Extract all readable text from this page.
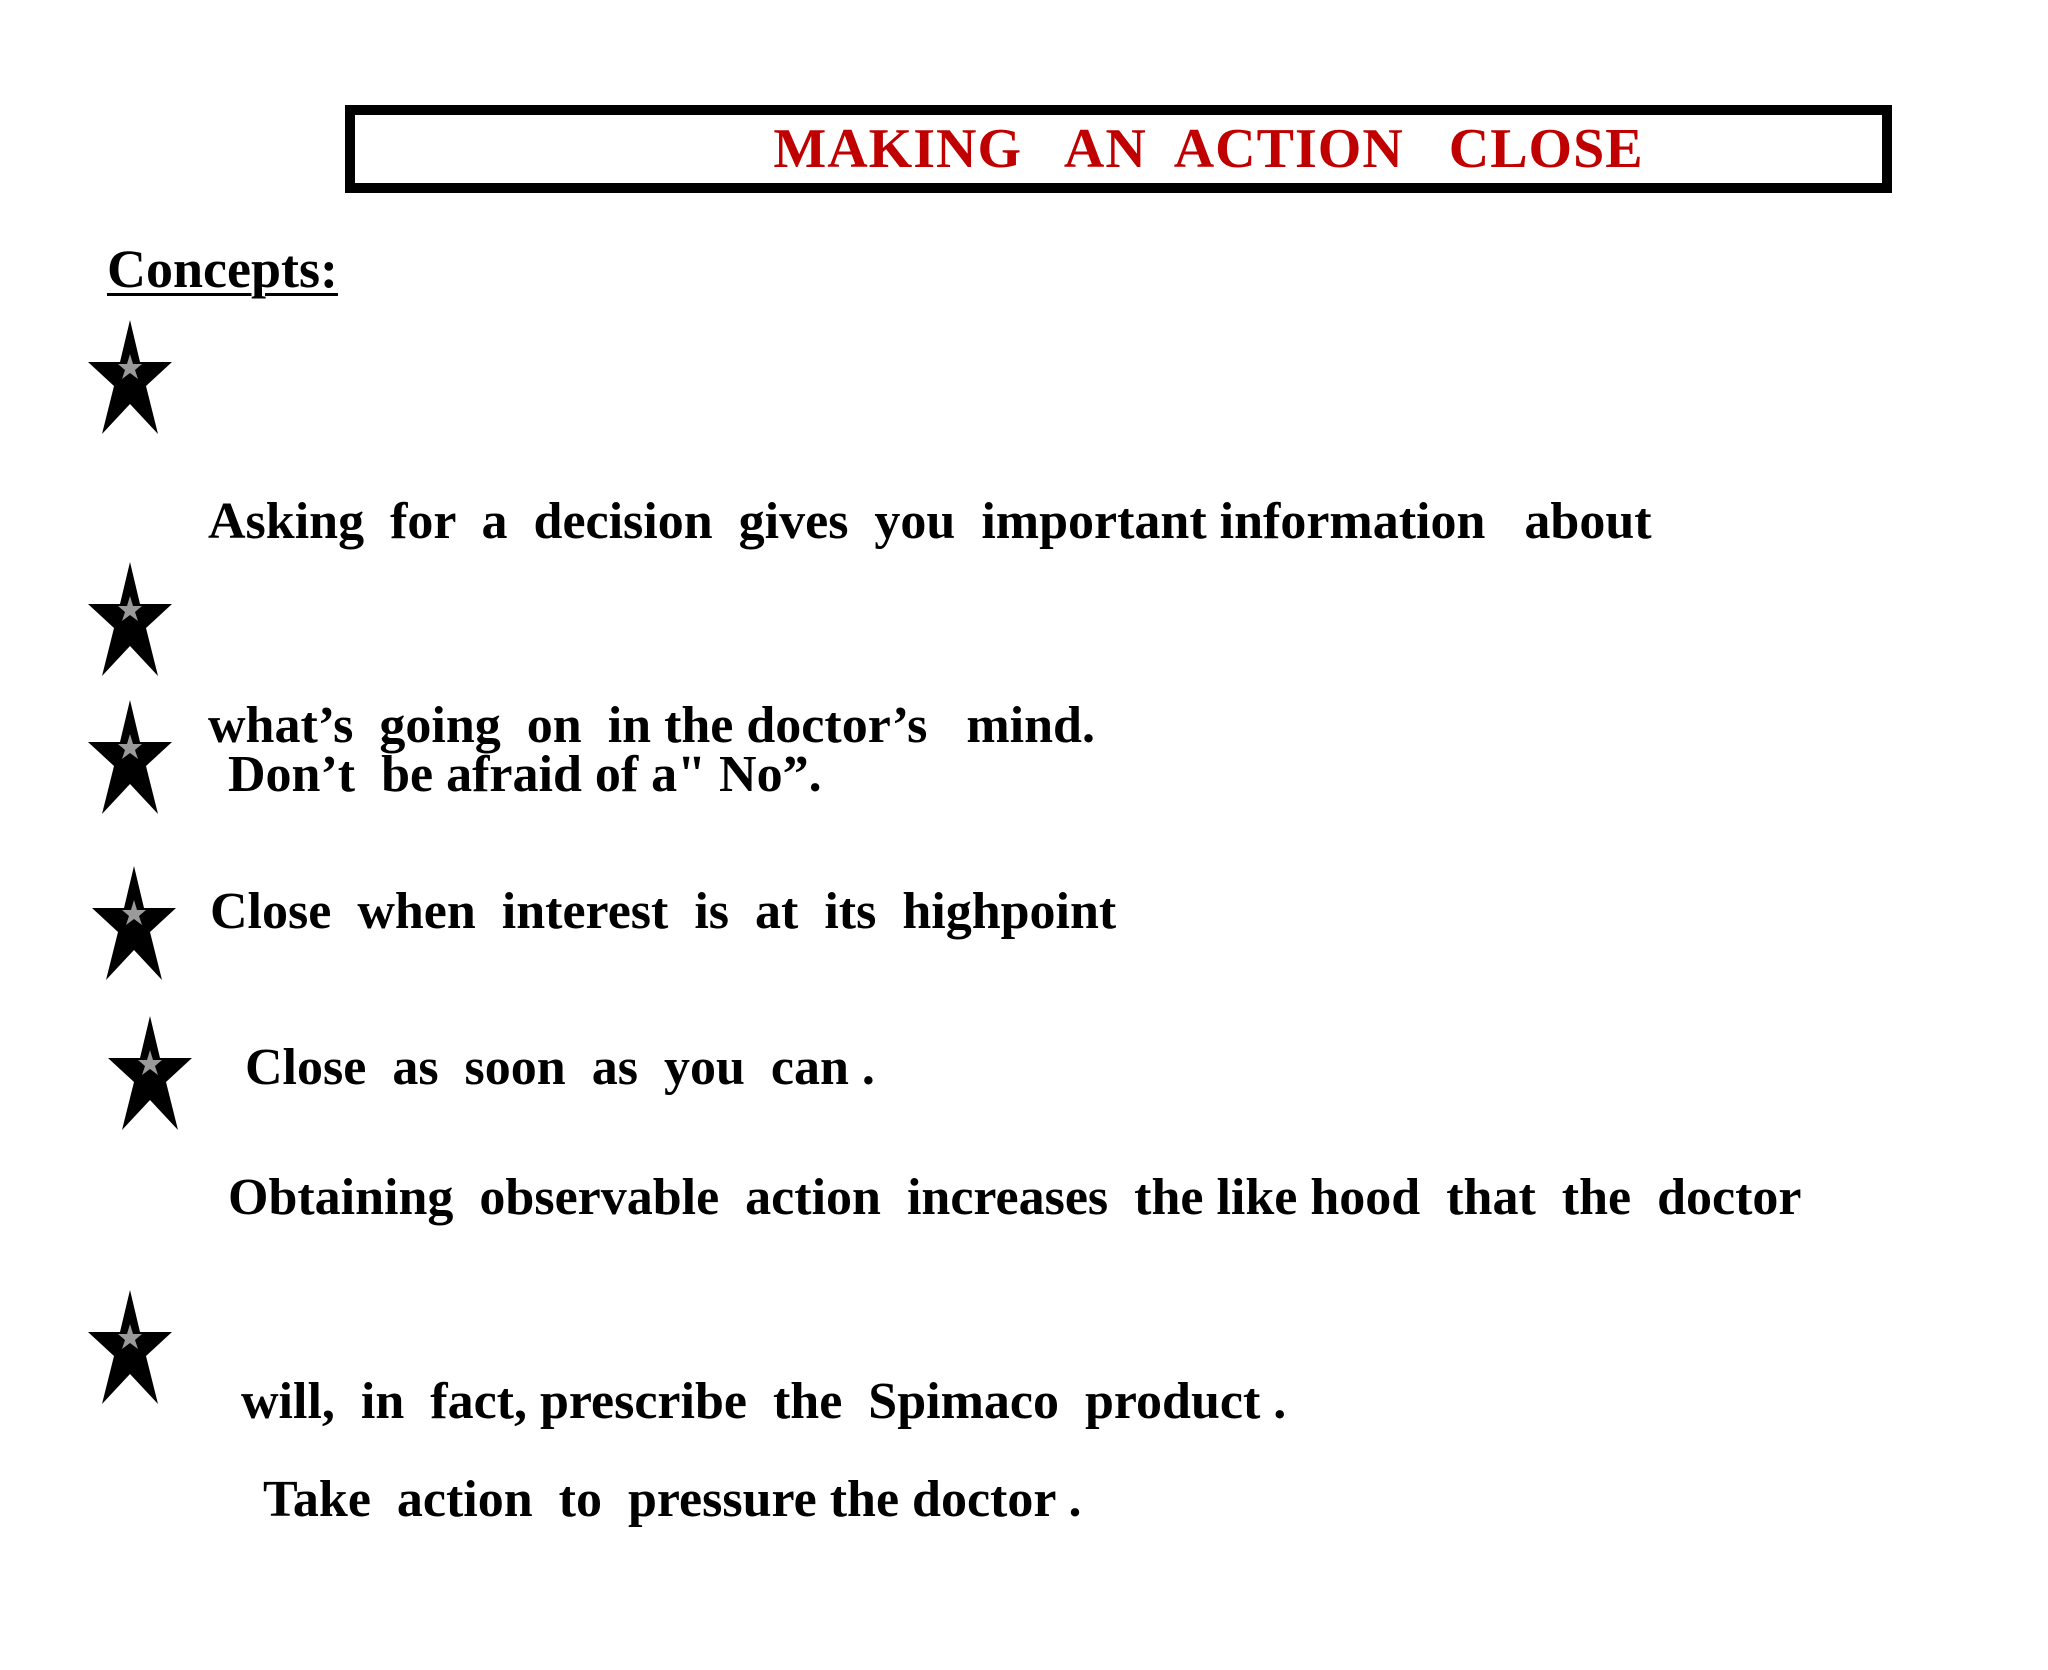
MAKING   AN  ACTION   CLOSE
Concepts:

Asking  for  a  decision  gives  you  important information   about

what’s  going  on  in the doctor’s   mind.

Don’t  be afraid of a" No”.

Close  when  interest  is  at  its  highpoint

Close  as  soon  as  you  can .

Obtaining  observable  action  increases  the like hood  that  the  doctor

will,  in  fact, prescribe  the  Spimaco  product .

Take  action  to  pressure the doctor .
